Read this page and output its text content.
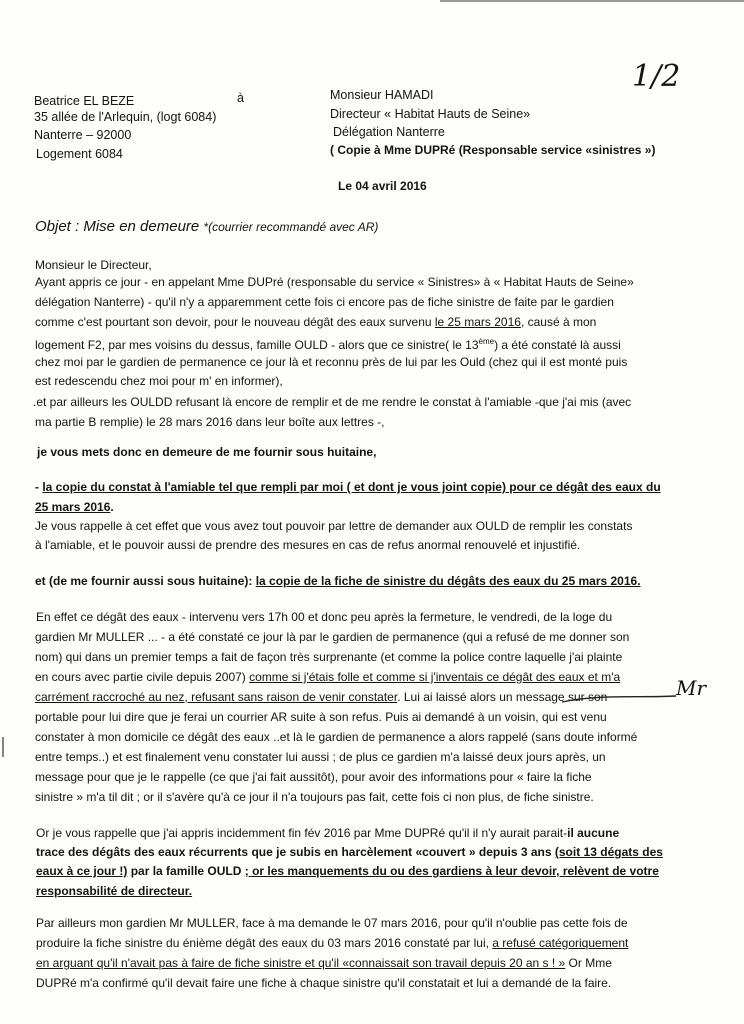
1/2
Beatrice EL BEZE
35 allée de l'Arlequin, (logt 6084)
Nanterre – 92000
Logement 6084
à	Monsieur HAMADI
Directeur « Habitat Hauts de Seine»
Délégation Nanterre
( Copie à Mme DUPRé (Responsable service «sinistres »)
Le 04 avril 2016
Objet : Mise en demeure *(courrier recommandé avec AR)
Monsieur le Directeur,
Ayant appris ce jour - en appelant Mme DUPré (responsable du service « Sinistres» à « Habitat Hauts de Seine»
délégation Nanterre) - qu'il n'y a apparemment cette fois ci encore pas de fiche sinistre de faite par le gardien
comme c'est pourtant son devoir, pour le nouveau dégât des eaux survenu le 25 mars 2016, causé à mon
logement F2, par mes voisins du dessus, famille OULD - alors que ce sinistre( le 13ème) a été constaté là aussi
chez moi par le gardien de permanence ce jour là et reconnu près de lui par les Ould (chez qui il est monté puis
est redescendu chez moi pour m' en informer),
.et par ailleurs les OULDD refusant là encore de remplir et de me rendre le constat à l'amiable -que j'ai mis (avec
ma partie B remplie) le 28 mars 2016 dans leur boîte aux lettres -,
je vous mets donc en demeure de me fournir sous huitaine,
- la copie du constat à l'amiable tel que rempli par moi ( et dont je vous joint copie) pour ce dégât des eaux du
25 mars 2016.
Je vous rappelle à cet effet que vous avez tout pouvoir par lettre de demander aux OULD de remplir les constats
à l'amiable, et le pouvoir aussi de prendre des mesures en cas de refus anormal renouvelé et injustifié.
et (de me fournir aussi sous huitaine): la copie de la fiche de sinistre du dégâts des eaux du 25 mars 2016.
En effet ce dégât des eaux - intervenu vers 17h 00 et donc peu après la fermeture, le vendredi, de la loge du
gardien Mr MULLER ... - a été constaté ce jour là par le gardien de permanence (qui a refusé de me donner son
nom) qui dans un premier temps a fait de façon très surprenante (et comme la police contre laquelle j'ai plainte
en cours avec partie civile depuis 2007) comme si j'étais folle et comme si j'inventais ce dégât des eaux et m'a
carrément raccroché au nez, refusant sans raison de venir constater. Lui ai laissé alors un message sur son
portable pour lui dire que je ferai un courrier AR suite à son refus. Puis ai demandé à un voisin, qui est venu
constater à mon domicile ce dégât des eaux ..et là le gardien de permanence a alors rappelé (sans doute informé
entre temps..) et est finalement venu constater lui aussi ; de plus ce gardien m'a laissé deux jours après, un
message pour que je le rappelle (ce que j'ai fait aussitôt), pour avoir des informations pour « faire la fiche
sinistre » m'a til dit ; or il s'avère qu'à ce jour il n'a toujours pas fait, cette fois ci non plus, de fiche sinistre.
Mr
Or je vous rappelle que j'ai appris incidemment fin fév 2016 par Mme DUPRé qu'il il n'y aurait parait-il aucune
trace des dégâts des eaux récurrents que je subis en harcèlement «couvert » depuis 3 ans (soit 13 dégats des
eaux à ce jour !) par la famille OULD ; or les manquements du ou des gardiens à leur devoir, relèvent de votre
responsabilité de directeur.
Par ailleurs mon gardien Mr MULLER, face à ma demande le 07 mars 2016, pour qu'il n'oublie pas cette fois de
produire la fiche sinistre du énième dégât des eaux du 03 mars 2016 constaté par lui, a refusé catégoriquement
en arguant qu'il n'avait pas à faire de fiche sinistre et qu'il «connaissait son travail depuis 20 an s ! » Or Mme
DUPRé m'a confirmé qu'il devait faire une fiche à chaque sinistre qu'il constatait et lui a demandé de la faire.
